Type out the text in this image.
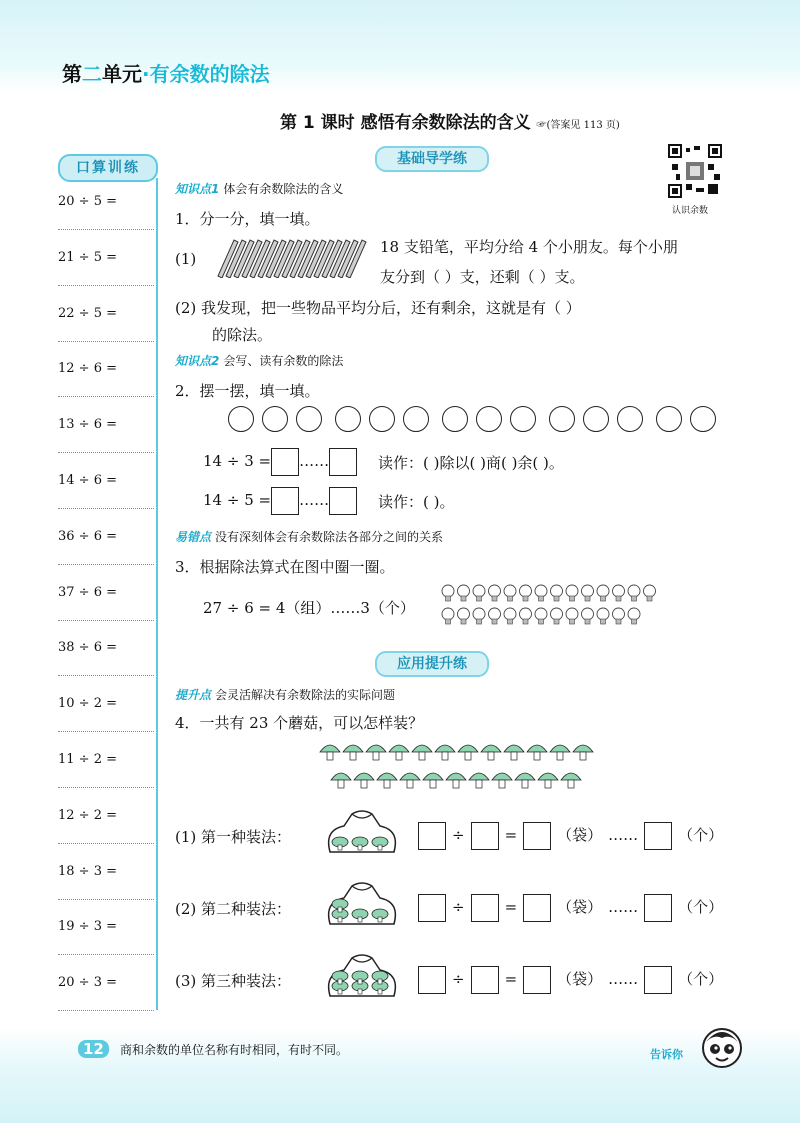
第二单元·有余数的除法
第 1 课时 感悟有余数除法的含义 ☞(答案见 113 页)
认识余数
口算训练
20 ÷ 5 =
21 ÷ 5 =
22 ÷ 5 =
12 ÷ 6 =
13 ÷ 6 =
14 ÷ 6 =
36 ÷ 6 =
37 ÷ 6 =
38 ÷ 6 =
10 ÷ 2 =
11 ÷ 2 =
12 ÷ 2 =
18 ÷ 3 =
19 ÷ 3 =
20 ÷ 3 =
基础导学练
知识点1 体会有余数除法的含义
1．分一分，填一填。
(1)
18 支铅笔，平均分给 4 个小朋友。每个小朋
友分到（ ）支，还剩（ ）支。
(2) 我发现，把一些物品平均分后，还有剩余，这就是有（ ）
的除法。
知识点2 会写、读有余数的除法
2．摆一摆，填一填。

14 ÷ 3 = ……	读作：( )除以( )商( )余( )。
14 ÷ 5 = ……	读作：( )。
易错点 没有深刻体会有余数除法各部分之间的关系
3．根据除法算式在图中圈一圈。
27 ÷ 6 = 4（组）……3（个）
应用提升练
提升点 会灵活解决有余数除法的实际问题
4．一共有 23 个蘑菇，可以怎样装？
(1) 第一种装法：	÷	=	（袋） ……	（个）
(2) 第二种装法：	÷	=	（袋） ……	（个）
(3) 第三种装法：	÷	=	（袋） ……	（个）
12	商和余数的单位名称有时相同，有时不同。	告诉你
